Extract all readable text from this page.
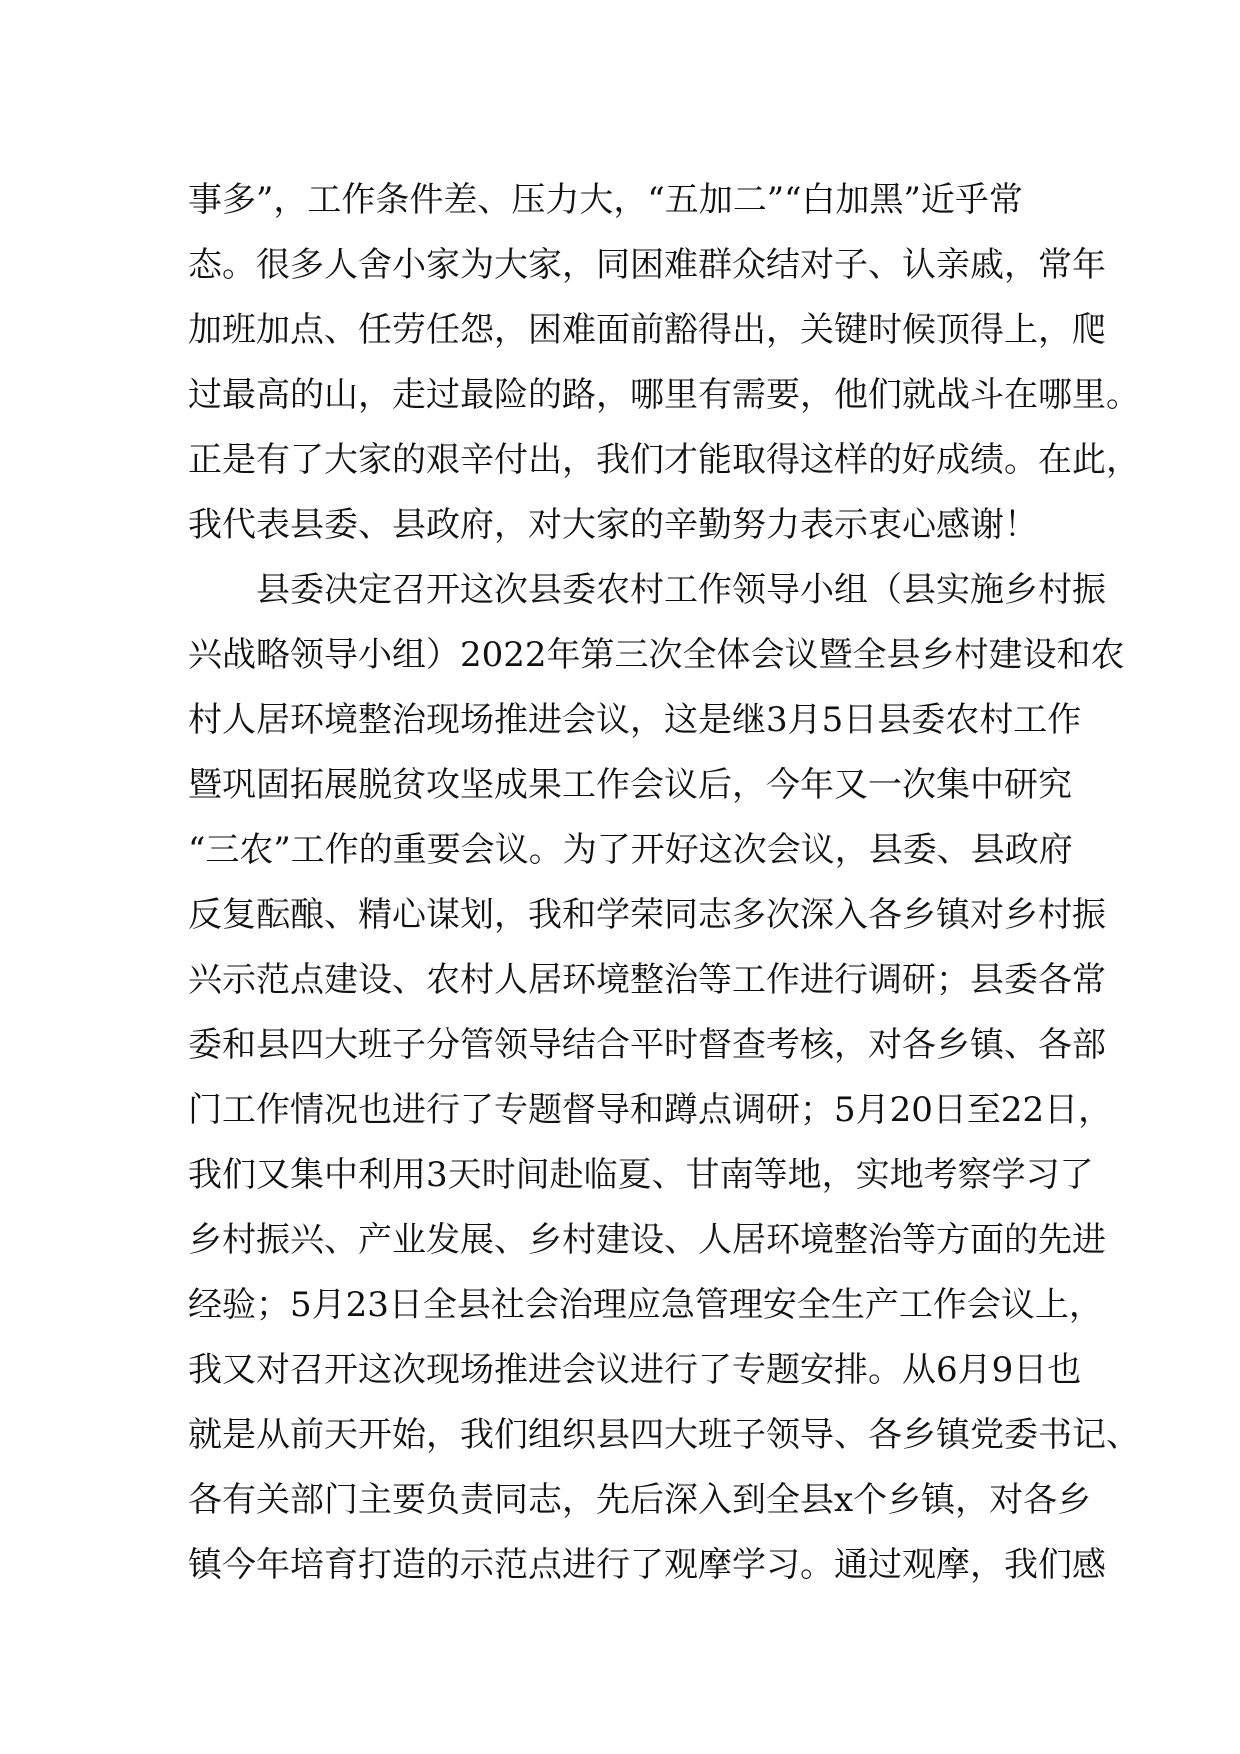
事多”，工作条件差、压力大，“五加二”“白加黑”近乎常
态。很多人舍小家为大家，同困难群众结对子、认亲戚，常年
加班加点、任劳任怨，困难面前豁得出，关键时候顶得上，爬
过最高的山，走过最险的路，哪里有需要，他们就战斗在哪里。
正是有了大家的艰辛付出，我们才能取得这样的好成绩。在此，
我代表县委、县政府，对大家的辛勤努力表示衷心感谢！
县委决定召开这次县委农村工作领导小组（县实施乡村振
兴战略领导小组）2022年第三次全体会议暨全县乡村建设和农
村人居环境整治现场推进会议，这是继3月5日县委农村工作
暨巩固拓展脱贫攻坚成果工作会议后，今年又一次集中研究
“三农”工作的重要会议。为了开好这次会议，县委、县政府
反复酝酿、精心谋划，我和学荣同志多次深入各乡镇对乡村振
兴示范点建设、农村人居环境整治等工作进行调研；县委各常
委和县四大班子分管领导结合平时督查考核，对各乡镇、各部
门工作情况也进行了专题督导和蹲点调研；5月20日至22日，
我们又集中利用3天时间赴临夏、甘南等地，实地考察学习了
乡村振兴、产业发展、乡村建设、人居环境整治等方面的先进
经验；5月23日全县社会治理应急管理安全生产工作会议上，
我又对召开这次现场推进会议进行了专题安排。从6月9日也
就是从前天开始，我们组织县四大班子领导、各乡镇党委书记、
各有关部门主要负责同志，先后深入到全县x个乡镇，对各乡
镇今年培育打造的示范点进行了观摩学习。通过观摩，我们感
